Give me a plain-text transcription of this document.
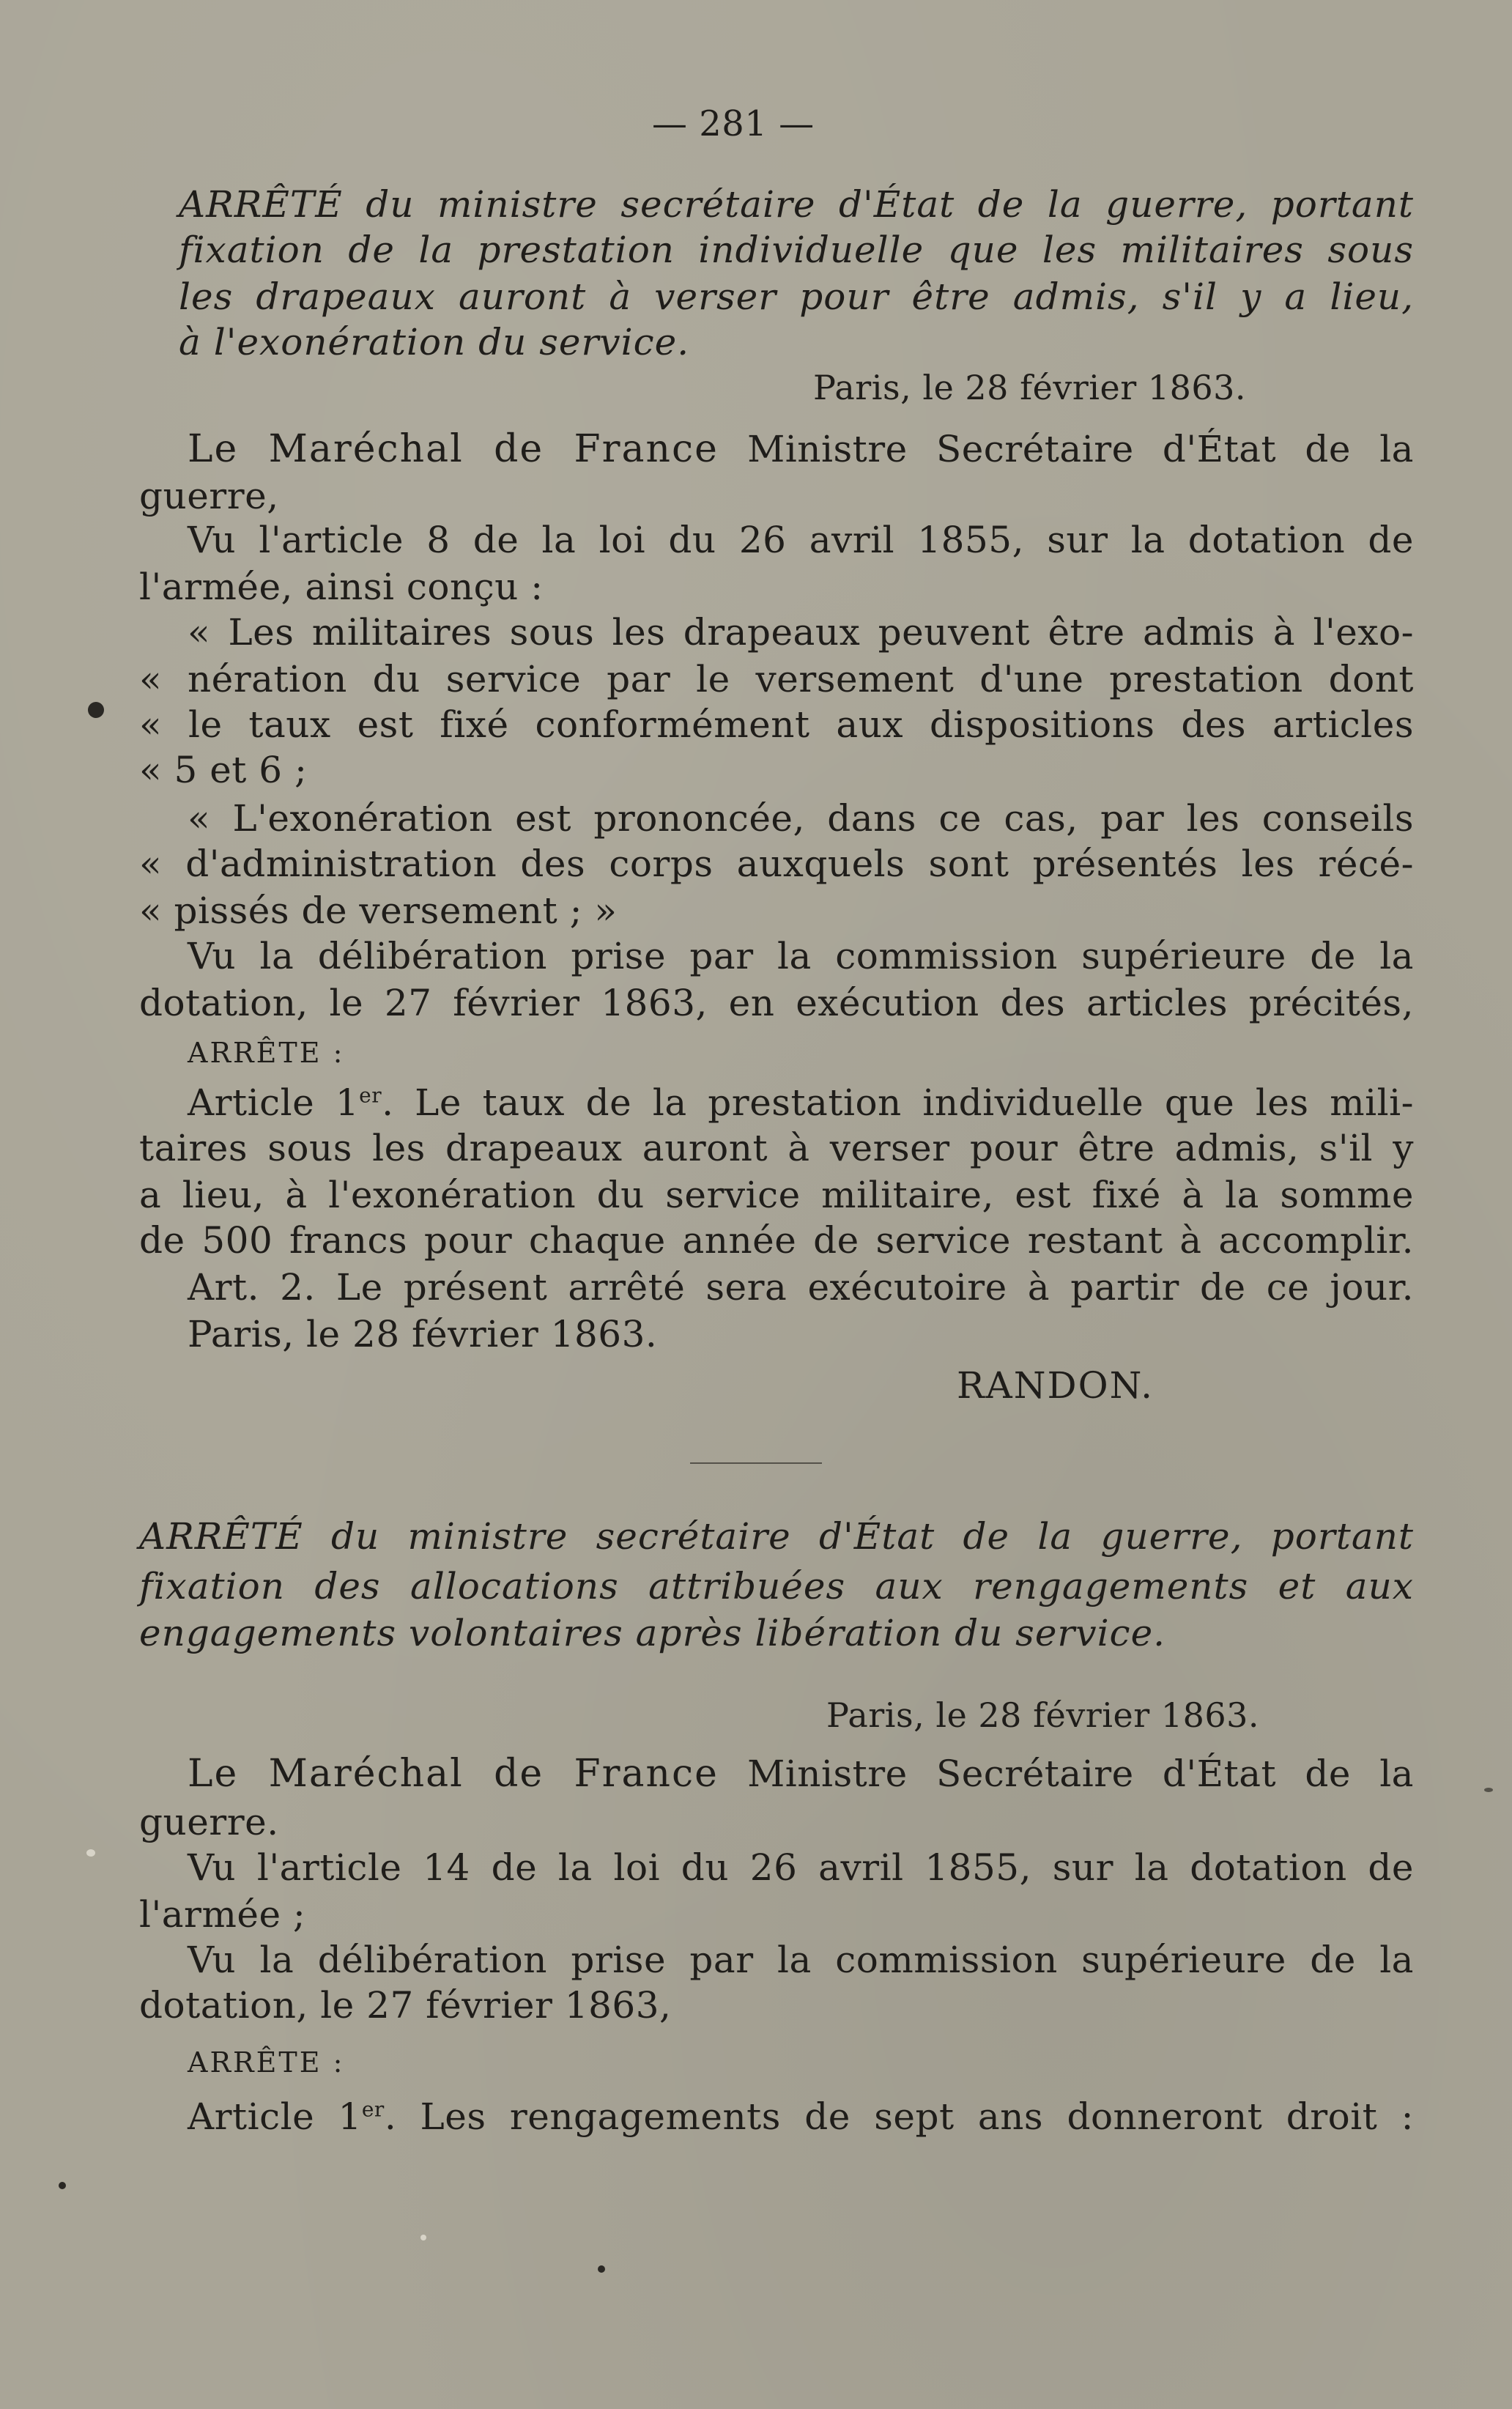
— 281 —
ARRÊTÉ du ministre secrétaire d'État de la guerre, portant
fixation de la prestation individuelle que les militaires sous
les drapeaux auront à verser pour être admis, s'il y a lieu,
à l'exonération du service.
Paris, le 28 février 1863.
Le Maréchal de France Ministre Secrétaire d'État de la
guerre,
Vu l'article 8 de la loi du 26 avril 1855, sur la dotation de
l'armée, ainsi conçu :
« Les militaires sous les drapeaux peuvent être admis à l'exo-
« nération du service par le versement d'une prestation dont
« le taux est fixé conformément aux dispositions des articles
« 5 et 6 ;
« L'exonération est prononcée, dans ce cas, par les conseils
« d'administration des corps auxquels sont présentés les récé-
« pissés de versement ; »
Vu la délibération prise par la commission supérieure de la
dotation, le 27 février 1863, en exécution des articles précités,
ARRÊTE :
Article 1er. Le taux de la prestation individuelle que les mili-
taires sous les drapeaux auront à verser pour être admis, s'il y
a lieu, à l'exonération du service militaire, est fixé à la somme
de 500 francs pour chaque année de service restant à accomplir.
Art. 2. Le présent arrêté sera exécutoire à partir de ce jour.
Paris, le 28 février 1863.
RANDON.
ARRÊTÉ du ministre secrétaire d'État de la guerre, portant
fixation des allocations attribuées aux rengagements et aux
engagements volontaires après libération du service.
Paris, le 28 février 1863.
Le Maréchal de France Ministre Secrétaire d'État de la
guerre.
Vu l'article 14 de la loi du 26 avril 1855, sur la dotation de
l'armée ;
Vu la délibération prise par la commission supérieure de la
dotation, le 27 février 1863,
ARRÊTE :
Article 1er. Les rengagements de sept ans donneront droit :
